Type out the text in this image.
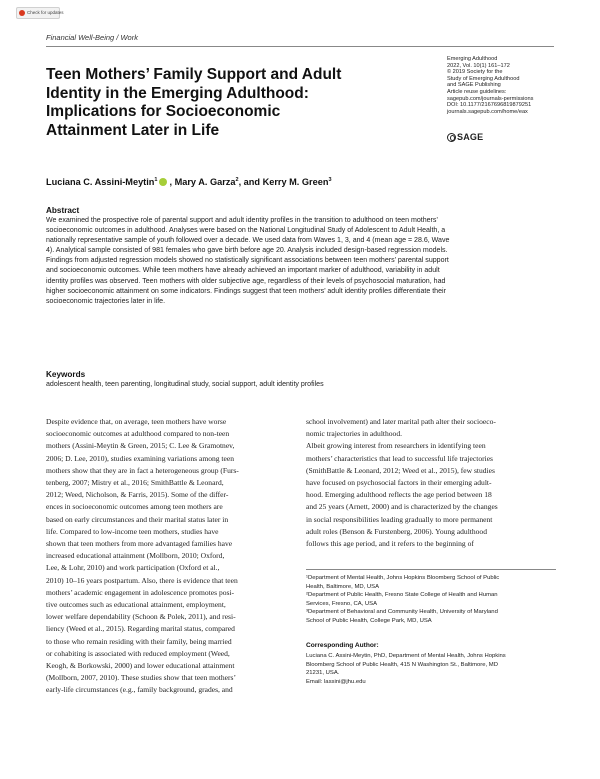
Check for updates
Financial Well-Being / Work
Teen Mothers’ Family Support and Adult
Identity in the Emerging Adulthood:
Implications for Socioeconomic
Attainment Later in Life
Emerging Adulthood
2022, Vol. 10(1) 161–172
© 2019 Society for the
Study of Emerging Adulthood
and SAGE Publishing
Article reuse guidelines:
sagepub.com/journals-permissions
DOI: 10.1177/2167696819879251
journals.sagepub.com/home/eax
SAGE
Luciana C. Assini-Meytin$^1$ , Mary A. Garza$^2$, and Kerry M. Green$^3$
Abstract
We examined the prospective role of parental support and adult identity profiles in the transition to adulthood on teen mothers’
socioeconomic outcomes in adulthood. Analyses were based on the National Longitudinal Study of Adolescent to Adult Health, a
nationally representative sample of youth followed over a decade. We used data from Waves 1, 3, and 4 (mean age = 28.6, Wave
4). Analytical sample consisted of 981 females who gave birth before age 20. Analysis included design-based regression models.
Findings from adjusted regression models showed no statistically significant associations between teen mothers’ parental support
and socioeconomic outcomes. While teen mothers have already achieved an important marker of adulthood, variability in adult
identity profiles was observed. Teen mothers with older subjective age, regardless of their levels of psychosocial maturation, had
higher socioeconomic attainment on some indicators. Findings suggest that teen mothers’ adult identity profiles differentiate their
socioeconomic trajectories later in life.
Keywords
adolescent health, teen parenting, longitudinal study, social support, adult identity profiles
Despite evidence that, on average, teen mothers have worse
socioeconomic outcomes at adulthood compared to non-teen
mothers (Assini-Meytin & Green, 2015; C. Lee & Gramotnev,
2006; D. Lee, 2010), studies examining variations among teen
mothers show that they are in fact a heterogeneous group (Furs-
tenberg, 2007; Mistry et al., 2016; SmithBattle & Leonard,
2012; Weed, Nicholson, & Farris, 2015). Some of the differ-
ences in socioeconomic outcomes among teen mothers are
based on early circumstances and their marital status later in
life. Compared to low-income teen mothers, studies have
shown that teen mothers from more advantaged families have
increased educational attainment (Mollborn, 2010; Oxford,
Lee, & Lohr, 2010) and work participation (Oxford et al.,
2010) 10–16 years postpartum. Also, there is evidence that teen
mothers’ academic engagement in adolescence promotes posi-
tive outcomes such as educational attainment, employment,
lower welfare dependability (Schoon & Polek, 2011), and resi-
liency (Weed et al., 2015). Regarding marital status, compared
to those who remain residing with their family, being married
or cohabiting is associated with reduced employment (Weed,
Keogh, & Borkowski, 2000) and lower educational attainment
(Mollborn, 2007, 2010). These studies show that teen mothers’
early-life circumstances (e.g., family background, grades, and
school involvement) and later marital path alter their socioeco-
nomic trajectories in adulthood.
Albeit growing interest from researchers in identifying teen
mothers’ characteristics that lead to successful life trajectories
(SmithBattle & Leonard, 2012; Weed et al., 2015), few studies
have focused on psychosocial factors in their emerging adult-
hood. Emerging adulthood reflects the age period between 18
and 25 years (Arnett, 2000) and is characterized by the changes
in social responsibilities leading gradually to more permanent
adult roles (Benson & Furstenberg, 2006). Young adulthood
follows this age period, and it refers to the beginning of
¹Department of Mental Health, Johns Hopkins Bloomberg School of Public
Health, Baltimore, MD, USA
²Department of Public Health, Fresno State College of Health and Human
Services, Fresno, CA, USA
³Department of Behavioral and Community Health, University of Maryland
School of Public Health, College Park, MD, USA
Corresponding Author:
Luciana C. Assini-Meytin, PhD, Department of Mental Health, Johns Hopkins
Bloomberg School of Public Health, 415 N Washington St., Baltimore, MD
21231, USA.
Email: lassini@jhu.edu
